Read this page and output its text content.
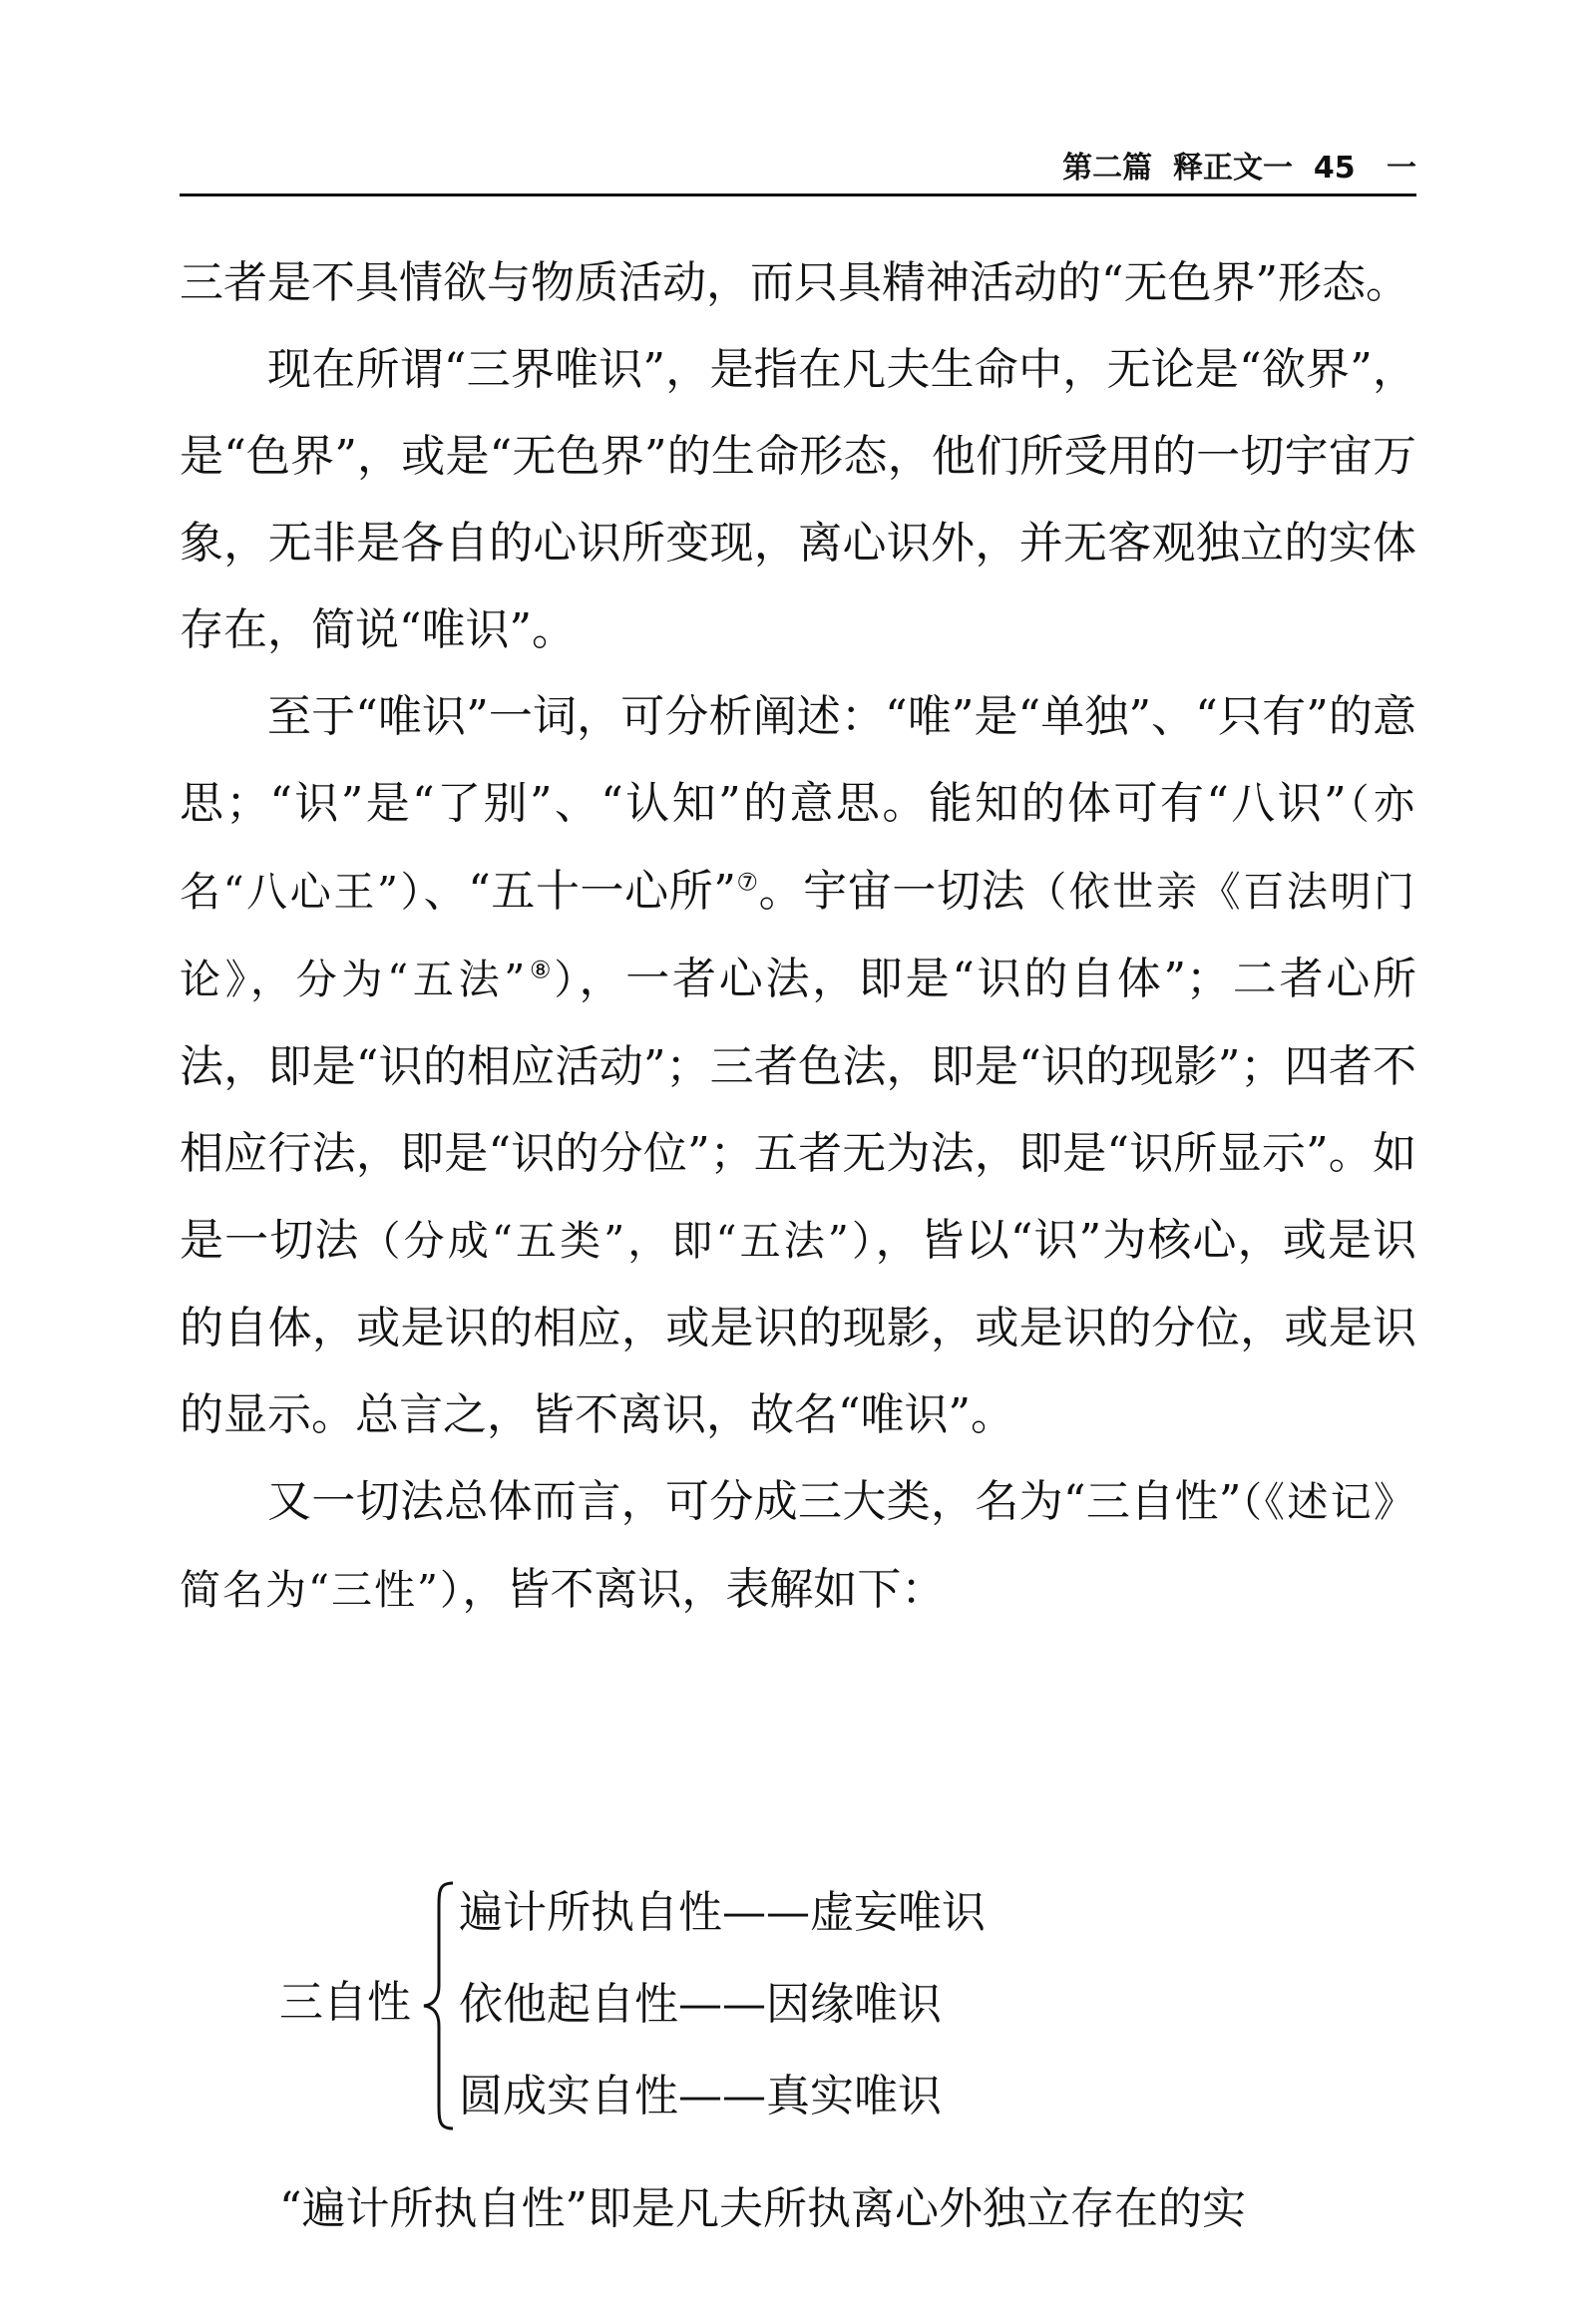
第二篇  释正文一 45 一

三者是不具情欲与物质活动，而只具精神活动的“无色界”形态。

现在所谓“三界唯识”，是指在凡夫生命中，无论是“欲界”，是“色界”，或是“无色界”的生命形态，他们所受用的一切宇宙万象，无非是各自的心识所变现，离心识外，并无客观独立的实体存在，简说“唯识”。

至于“唯识”一词，可分析阐述：“唯”是“单独”、“只有”的意思；“识”是“了别”、“认知”的意思。能知的体可有“八识”（亦名“八心王”）、“五十一心所”⑦。宇宙一切法（依世亲《百法明门论》，分为“五法”⑧），一者心法，即是“识的自体”；二者心所法，即是“识的相应活动”；三者色法，即是“识的现影”；四者不相应行法，即是“识的分位”；五者无为法，即是“识所显示”。如是一切法（分成“五类”，即“五法”），皆以“识”为核心，或是识的自体，或是识的相应，或是识的现影，或是识的分位，或是识的显示。总言之，皆不离识，故名“唯识”。

又一切法总体而言，可分成三大类，名为“三自性”（《述记》简名为“三性”），皆不离识，表解如下：

三自性
遍计所执自性——虚妄唯识
依他起自性——因缘唯识
圆成实自性——真实唯识
“遍计所执自性”即是凡夫所执离心外独立存在的实
